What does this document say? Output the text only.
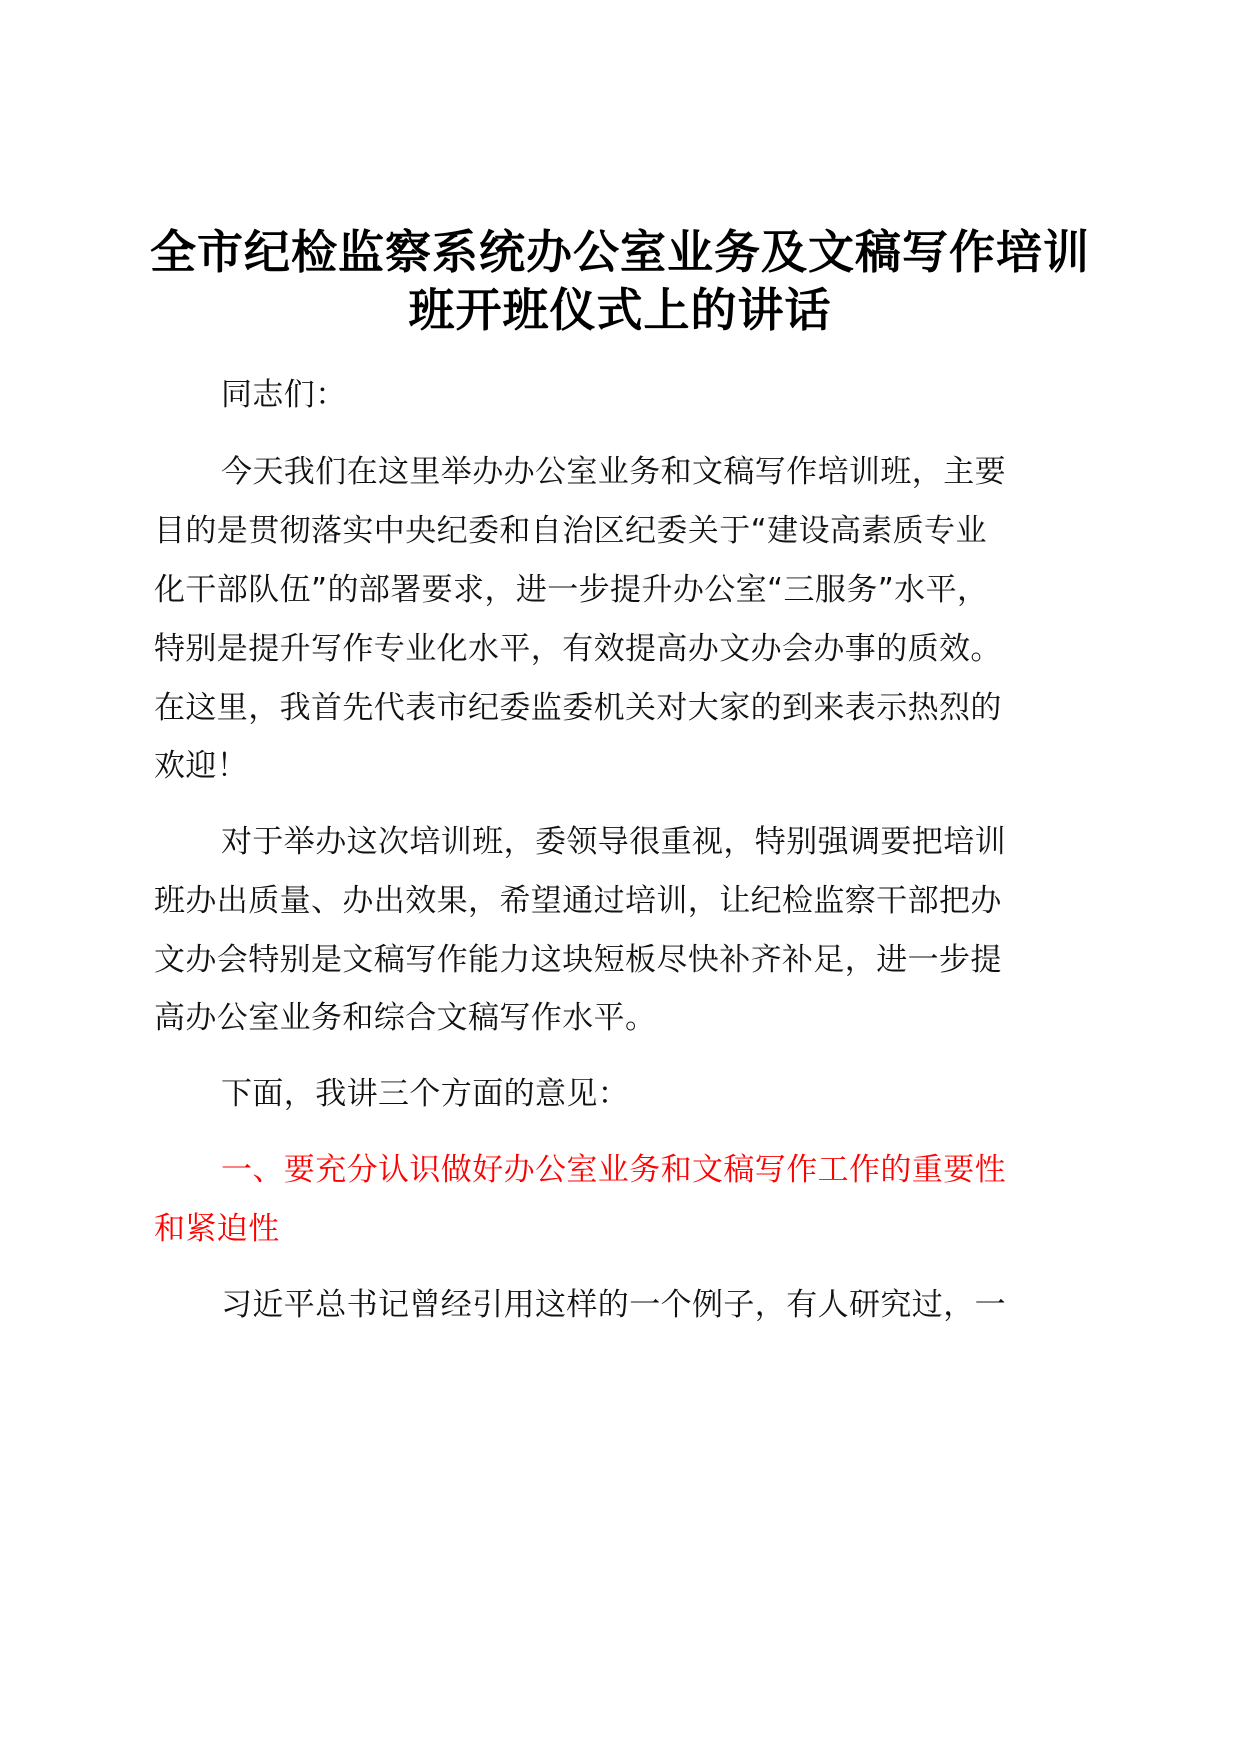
全市纪检监察系统办公室业务及文稿写作培训
班开班仪式上的讲话
同志们：
今天我们在这里举办办公室业务和文稿写作培训班，主要
目的是贯彻落实中央纪委和自治区纪委关于“建设高素质专业
化干部队伍”的部署要求，进一步提升办公室“三服务”水平，
特别是提升写作专业化水平，有效提高办文办会办事的质效。
在这里，我首先代表市纪委监委机关对大家的到来表示热烈的
欢迎！
对于举办这次培训班，委领导很重视，特别强调要把培训
班办出质量、办出效果，希望通过培训，让纪检监察干部把办
文办会特别是文稿写作能力这块短板尽快补齐补足，进一步提
高办公室业务和综合文稿写作水平。
下面，我讲三个方面的意见：
一、要充分认识做好办公室业务和文稿写作工作的重要性
和紧迫性
习近平总书记曾经引用这样的一个例子，有人研究过，一
